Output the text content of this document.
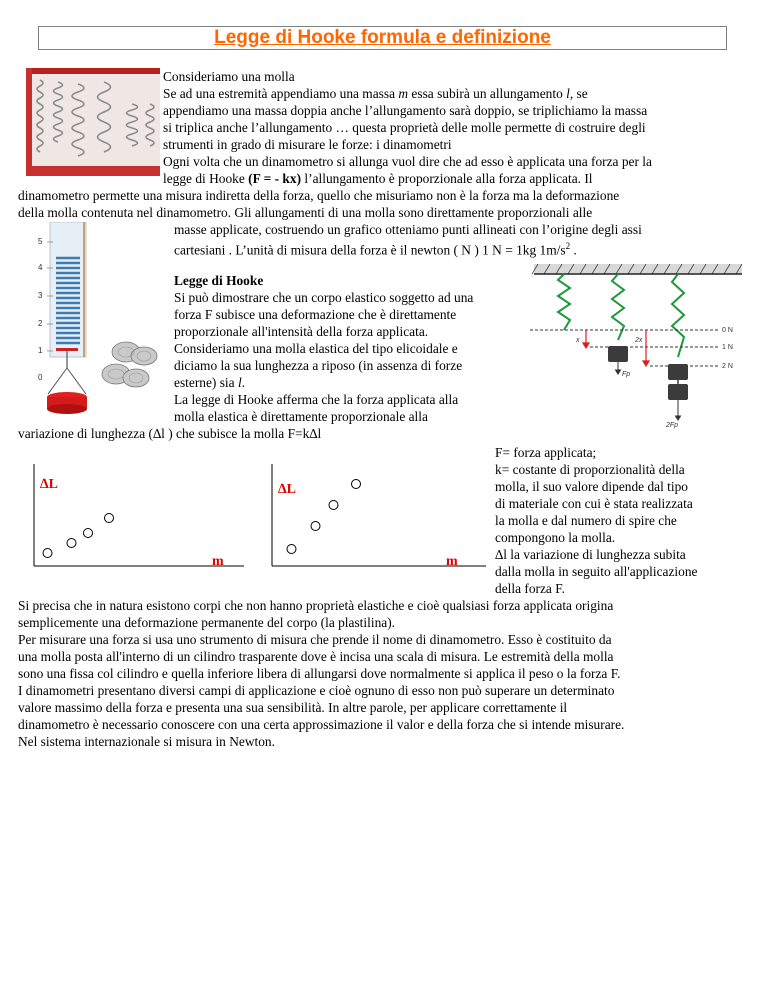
Legge di Hooke formula e definizione

Consideriamo una molla

Se ad una estremità appendiamo una massa m essa subirà un allungamento l, se

appendiamo una massa doppia anche l’allungamento sarà doppio, se triplichiamo la massa

si triplica anche l’allungamento … questa proprietà delle molle permette di costruire degli

strumenti in grado di misurare le forze: i dinamometri

Ogni volta che un dinamometro si allunga vuol dire che ad esso è applicata una forza per la

legge di Hooke (F = - kx) l’allungamento è proporzionale alla forza applicata. Il

dinamometro permette una misura indiretta della forza, quello che misuriamo non è la forza ma la deformazione

della molla contenuta nel dinamometro. Gli allungamenti di una molla sono direttamente proporzionali alle

masse applicate, costruendo un grafico otteniamo punti allineati con l’origine degli assi

cartesiani . L’unità di misura della forza è il newton ( N ) 1 N = 1kg $1m/s^2$ .

5
4
3
2
1
0

Legge di Hooke

Si può dimostrare che un corpo elastico soggetto ad una

forza F subisce una deformazione che è direttamente

proporzionale all'intensità della forza applicata.

Consideriamo una molla elastica del tipo elicoidale e

diciamo la sua lunghezza a riposo (in assenza di forze

esterne) sia l.

La legge di Hooke afferma che la forza applicata alla

molla elastica è direttamente proporzionale alla

variazione di lunghezza (∆l ) che subisce la molla F=k∆l

0 N
1 N
2 N
x	2x
Fp
2Fp
∆L
m
∆L
m

F= forza applicata;

k= costante di proporzionalità della

molla, il suo valore dipende dal tipo

di materiale con cui è stata realizzata

la molla e dal numero di spire che

compongono la molla.

∆l la variazione di lunghezza subita

dalla molla in seguito all'applicazione

della forza F.

Si precisa che in natura esistono corpi che non hanno proprietà elastiche e cioè qualsiasi forza applicata origina

semplicemente una deformazione permanente del corpo (la plastilina).

Per misurare una forza si usa uno strumento di misura che prende il nome di dinamometro. Esso è costituito da

una molla posta all'interno di un cilindro trasparente dove è incisa una scala di misura. Le estremità della molla

sono una fissa col cilindro e quella inferiore libera di allungarsi dove normalmente si applica il peso o la forza F.

I dinamometri presentano diversi campi di applicazione e cioè ognuno di esso non può superare un determinato

valore massimo della forza e presenta una sua sensibilità. In altre parole, per applicare correttamente il

dinamometro è necessario conoscere con una certa approssimazione il valor e della forza che si intende misurare.

Nel sistema internazionale si misura in Newton.
